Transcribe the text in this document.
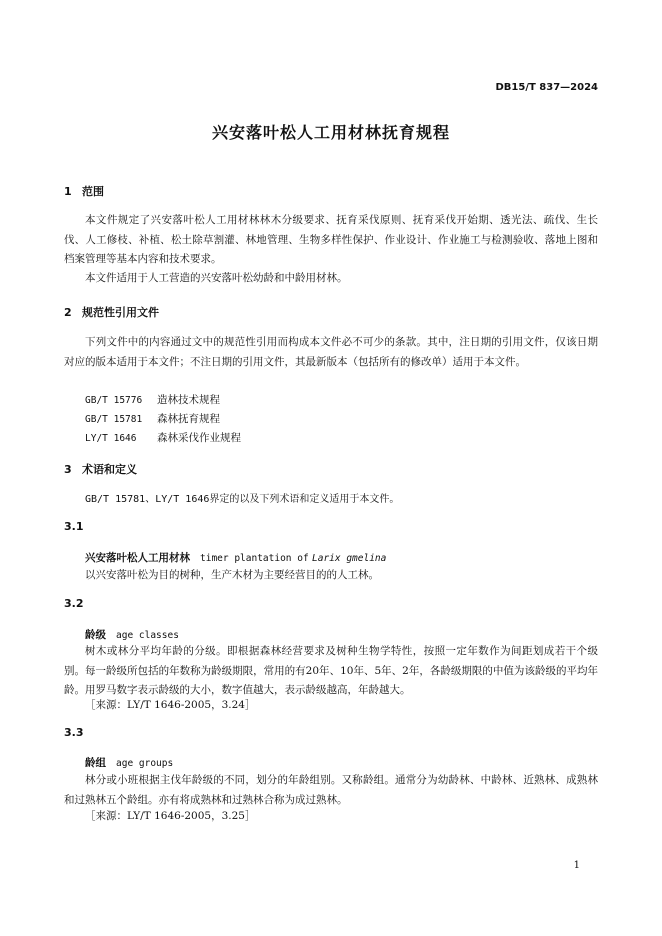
DB15/T 837—2024
兴安落叶松人工用材林抚育规程
1 范围
本文件规定了兴安落叶松人工用材林林木分级要求、抚育采伐原则、抚育采伐开始期、透光法、疏伐、生长伐、人工修枝、补植、松土除草割灌、林地管理、生物多样性保护、作业设计、作业施工与检测验收、落地上图和档案管理等基本内容和技术要求。
本文件适用于人工营造的兴安落叶松幼龄和中龄用材林。
2 规范性引用文件
下列文件中的内容通过文中的规范性引用而构成本文件必不可少的条款。其中，注日期的引用文件，仅该日期对应的版本适用于本文件；不注日期的引用文件，其最新版本（包括所有的修改单）适用于本文件。
GB/T 15776 造林技术规程
GB/T 15781 森林抚育规程
LY/T 1646 森林采伐作业规程
3 术语和定义
GB/T 15781、LY/T 1646界定的以及下列术语和定义适用于本文件。
3.1
兴安落叶松人工用材林 timer plantation of Larix gmelina
以兴安落叶松为目的树种，生产木材为主要经营目的的人工林。
3.2
龄级 age classes
树木或林分平均年龄的分级。即根据森林经营要求及树种生物学特性，按照一定年数作为间距划成若干个级别。每一龄级所包括的年数称为龄级期限，常用的有20年、10年、5年、2年，各龄级期限的中值为该龄级的平均年龄。用罗马数字表示龄级的大小，数字值越大，表示龄级越高，年龄越大。
［来源：LY/T 1646-2005，3.24］
3.3
龄组 age groups
林分或小班根据主伐年龄级的不同，划分的年龄组别。又称龄组。通常分为幼龄林、中龄林、近熟林、成熟林和过熟林五个龄组。亦有将成熟林和过熟林合称为成过熟林。
［来源：LY/T 1646-2005，3.25］
1
